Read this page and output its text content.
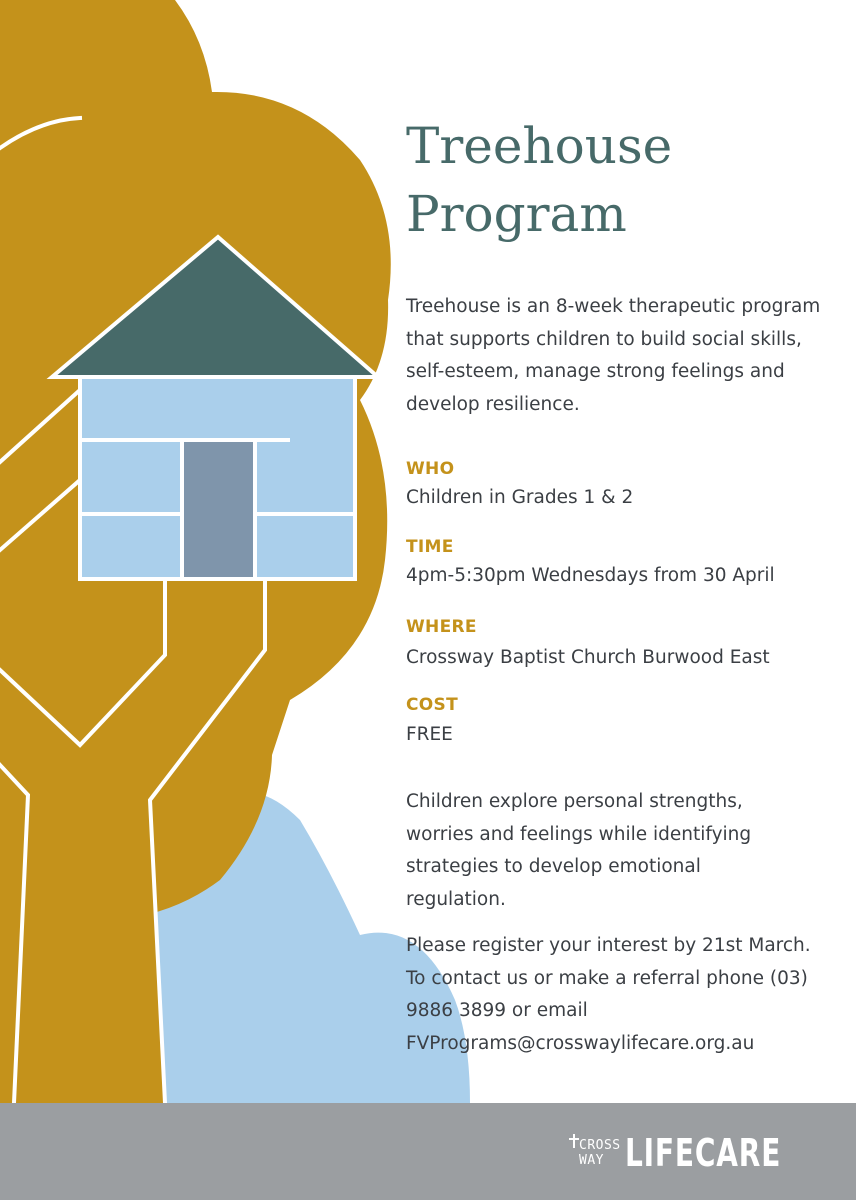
Treehouse
Program

Treehouse is an 8-week therapeutic program that supports children to build social skills, self-esteem, manage strong feelings and develop resilience.

WHO

Children in Grades 1 & 2

TIME

4pm-5:30pm Wednesdays from 30 April

WHERE

Crossway Baptist Church Burwood East

COST

FREE

Children explore personal strengths, worries and feelings while identifying strategies to develop emotional regulation.

Please register your interest by 21st March. To contact us or make a referral phone (03) 9886 3899 or email FVPrograms@crosswaylifecare.org.au

CROSS
WAY LIFECARE
